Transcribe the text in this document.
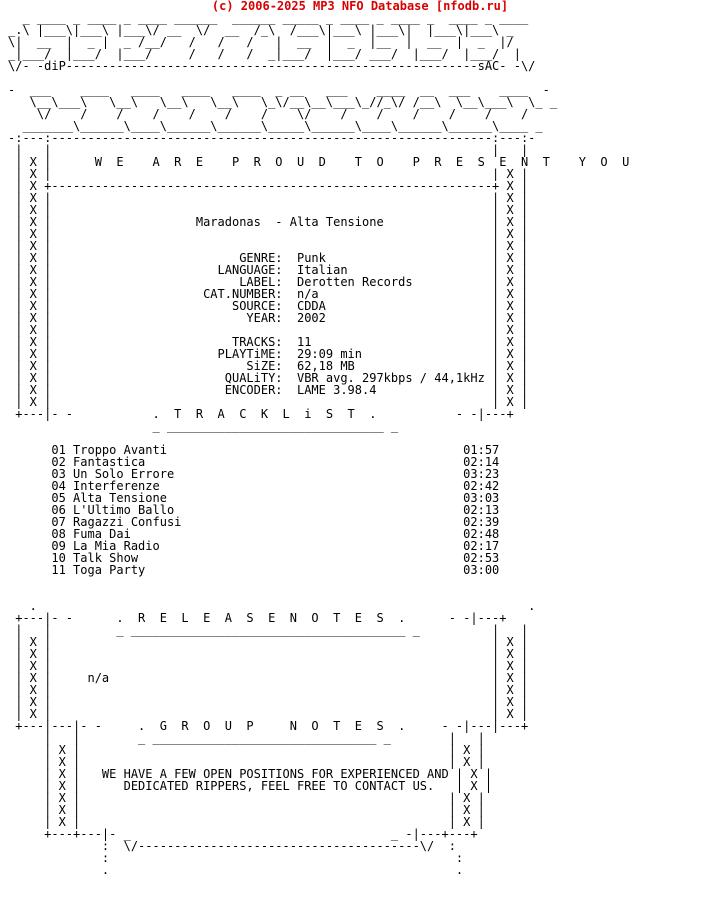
(c) 2006-2025 MP3 NFO Database [nfodb.ru]
_ ____ _ ____ _ ____ ______  ______ _____ _ ____ _ ____ _  ____ _ ____
_.\ |___\|___\ |___\/ __  \/  __  /_\  /___\|___\ |___\|  |___\|___\ _
\|  __  |  _ |  _ /__/   /   /   /   |  __  |  _  |__  |  __  |  _  |/
_|___/  |___/  |___/     /   /   /  _|___/  |___/ ___/  |___/  |___/  |
\/- -diP---------------------------------------------------------sAC- -\/

-  ___    ____   ____   ____   ____  _ __   ___    ____  __  ___    ____  -
\__\___\   \__\   \__\   \__\   \_\/__\__\___\_//_\/ /__\  \__\___\  \_ _
\/    /    /    /    /    /    /    \/    /    /    /    /    /    /
_______\______\____\______\______\_____\______\____\______\______\____ _
-:---:-------------------------------------------------------------:---:-
|   |                                                             |   |
| X |      W  E    A  R  E    P  R  O  U  D    T  O    P  R  E  S  E  N  T    Y  O  U
| X |                                                             | X |
| X +-------------------------------------------------------------+ X |
| X |                                                             | X |
| X |                                                             | X |
| X |                    Maradonas  - Alta Tensione               | X |
| X |                                                             | X |
| X |                                                             | X |
| X |                          GENRE:  Punk                       | X |
| X |                       LANGUAGE:  Italian                    | X |
| X |                          LABEL:  Derotten Records           | X |
| X |                     CAT.NUMBER:  n/a                        | X |
| X |                         SOURCE:  CDDA                       | X |
| X |                           YEAR:  2002                       | X |
| X |                                                             | X |
| X |                         TRACKS:  11                         | X |
| X |                       PLAYTiME:  29:09 min                  | X |
| X |                           SiZE:  62,18 MB                   | X |
| X |                        QUALiTY:  VBR avg. 297kbps / 44,1kHz | X |
| X |                        ENCODER:  LAME 3.98.4                | X |
| X |                                                             | X |
+---|- -           .  T  R  A  C  K  L  i  S  T  .           - -|---+
_ ______________________________ _

01 Troppo Avanti                                         01:57
02 Fantastica                                            02:14
03 Un Solo Errore                                        03:23
04 Interferenze                                          02:42
05 Alta Tensione                                         03:03
06 L'Ultimo Ballo                                        02:13
07 Ragazzi Confusi                                       02:39
08 Fuma Dai                                              02:48
09 La Mia Radio                                          02:17
10 Talk Show                                             02:53
11 Toga Party                                            03:00

.                                                                    .
+---|- -      .  R  E  L  E  A  S  E  N  O  T  E  S  .      - -|---+
|   |         _ ______________________________________ _          |   |
| X |                                                             | X |
| X |                                                             | X |
| X |                                                             | X |
| X |     n/a                                                     | X |
| X |                                                             | X |
| X |                                                             | X |
| X |                                                             | X |
+---|---|- -     .  G  R  O  U  P     N  O  T  E  S  .     - -|---|---+
|   |        _ _______________________________ _        |   |
| X |                                                   | X |
| X |                                                   | X |
| X |   WE HAVE A FEW OPEN POSITIONS FOR EXPERIENCED AND | X |
| X |      DEDICATED RIPPERS, FEEL FREE TO CONTACT US.   | X |
| X |                                                   | X |
| X |                                                   | X |
| X |                                                   | X |
+---+---|- _                                    _ -|---+---+
:  \/---------------------------------------\/  :
:                                                :
.                                                .
